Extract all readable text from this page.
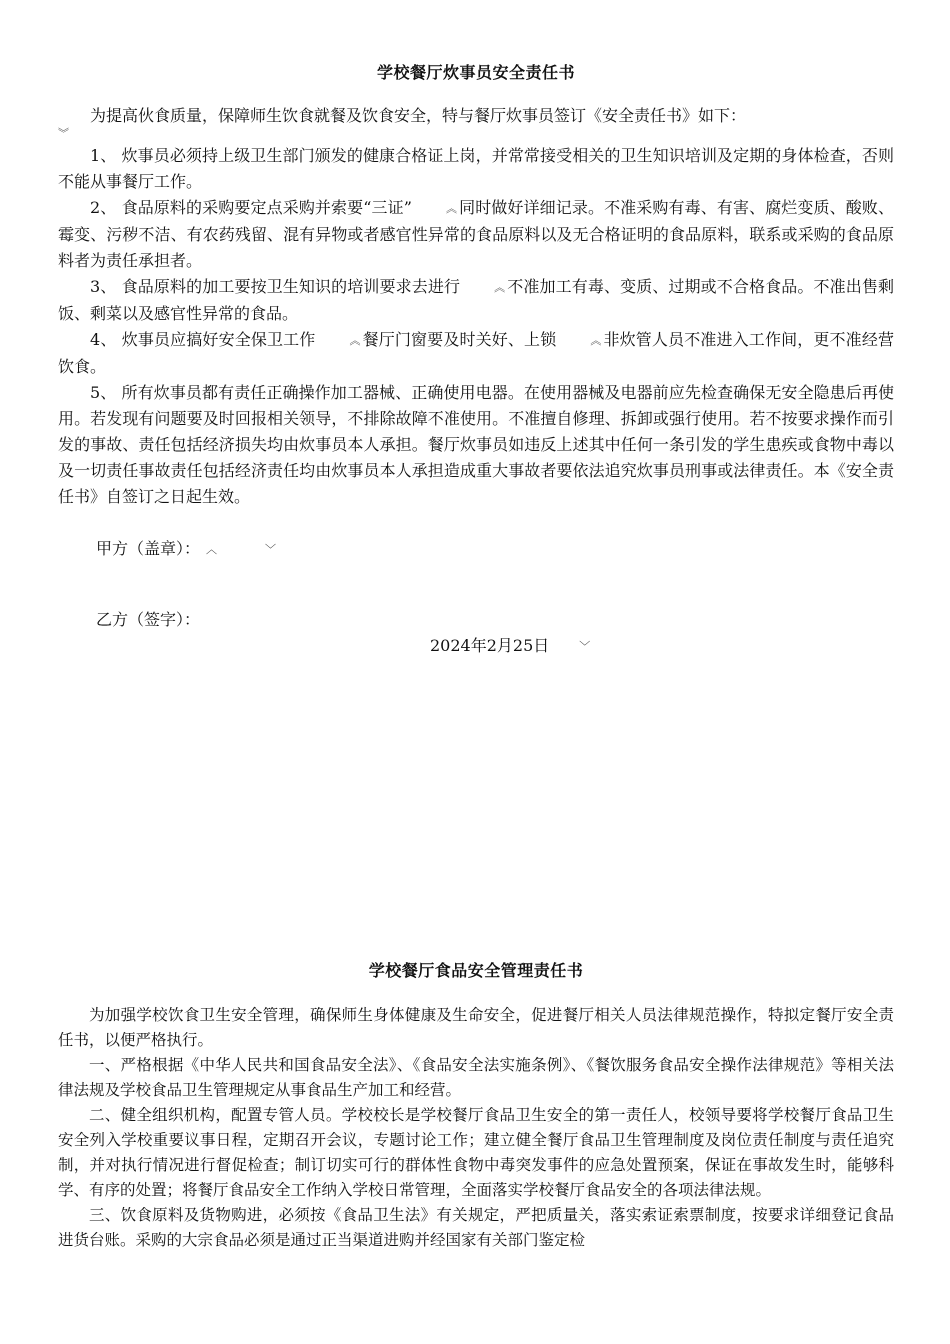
学校餐厅炊事员安全责任书

为提高伙食质量，保障师生饮食就餐及饮食安全，特与餐厅炊事员签订《安全责任书》如下：

︾

1、 炊事员必须持上级卫生部门颁发的健康合格证上岗，并常常接受相关的卫生知识培训及定期的身体检查，否则不能从事餐厅工作。

2、 食品原料的采购要定点采购并索要“三证”	︽ 同时做好详细记录。不准采购有毒、有害、腐烂变质、酸败、霉变、污秽不洁、有农药残留、混有异物或者感官性异常的食品原料以及无合格证明的食品原料，联系或采购的食品原料者为责任承担者。

3、 食品原料的加工要按卫生知识的培训要求去进行	︽ 不准加工有毒、变质、过期或不合格食品。不准出售剩饭、剩菜以及感官性异常的食品。

4、 炊事员应搞好安全保卫工作	︽ 餐厅门窗要及时关好、上锁	︽ 非炊管人员不准进入工作间，更不准经营饮食。

5、 所有炊事员都有责任正确操作加工器械、正确使用电器。在使用器械及电器前应先检查确保无安全隐患后再使用。若发现有问题要及时回报相关领导，不排除故障不准使用。不准擅自修理、拆卸或强行使用。若不按要求操作而引发的事故、责任包括经济损失均由炊事员本人承担。餐厅炊事员如违反上述其中任何一条引发的学生患疾或食物中毒以及一切责任事故责任包括经济责任均由炊事员本人承担造成重大事故者要依法追究炊事员刑事或法律责任。本《安全责任书》自签订之日起生效。

甲方（盖章）： ︿	﹀

乙方（签字）：

2024年2月25日	﹀

学校餐厅食品安全管理责任书

为加强学校饮食卫生安全管理，确保师生身体健康及生命安全，促进餐厅相关人员法律规范操作，特拟定餐厅安全责任书，以便严格执行。

一、严格根据《中华人民共和国食品安全法》、《食品安全法实施条例》、《餐饮服务食品安全操作法律规范》等相关法律法规及学校食品卫生管理规定从事食品生产加工和经营。

二、健全组织机构，配置专管人员。学校校长是学校餐厅食品卫生安全的第一责任人，校领导要将学校餐厅食品卫生安全列入学校重要议事日程，定期召开会议，专题讨论工作；建立健全餐厅食品卫生管理制度及岗位责任制度与责任追究制，并对执行情况进行督促检查；制订切实可行的群体性食物中毒突发事件的应急处置预案，保证在事故发生时，能够科学、有序的处置；将餐厅食品安全工作纳入学校日常管理，全面落实学校餐厅食品安全的各项法律法规。

三、饮食原料及货物购进，必须按《食品卫生法》有关规定，严把质量关，落实索证索票制度，按要求详细登记食品进货台账。采购的大宗食品必须是通过正当渠道进购并经国家有关部门鉴定检
